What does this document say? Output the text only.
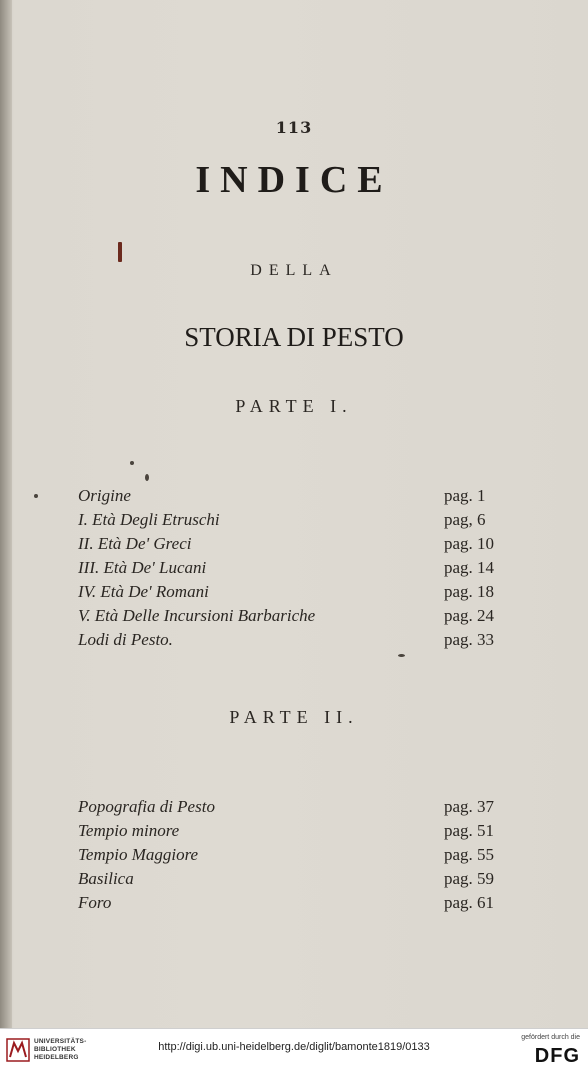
113
INDICE
DELLA
STORIA DI PESTO
PARTE I.
Origine	pag. 1
I. Età Degli Etruschi	pag, 6
II. Età De' Greci	pag. 10
III. Età De' Lucani	pag. 14
IV. Età De' Romani	pag. 18
V. Età Delle Incursioni Barbariche	pag. 24
Lodi di Pesto.	pag. 33
PARTE II.
Popografia di Pesto	pag. 37
Tempio minore	pag. 51
Tempio Maggiore	pag. 55
Basilica	pag. 59
Foro	pag. 61
UNIVERSITÄTS-
BIBLIOTHEK
HEIDELBERG
http://digi.ub.uni-heidelberg.de/diglit/bamonte1819/0133
gefördert durch die
DFG
